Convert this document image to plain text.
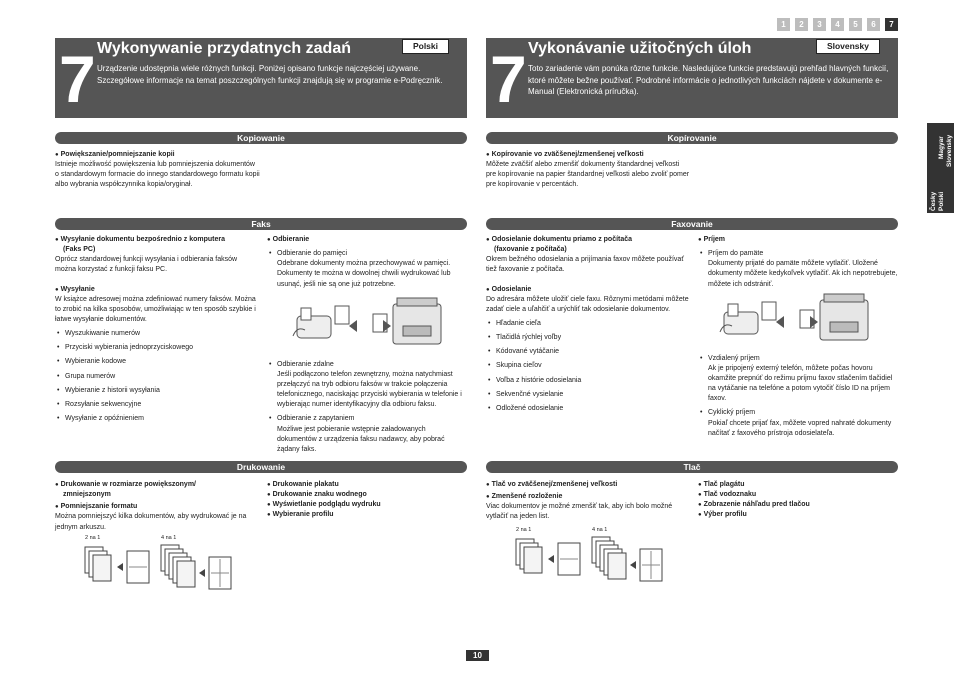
1	2	3	4	5	6	7
Česky Polski
Magyar Slovensky
7 Wykonywanie przydatnych zadań	Polski
Urządzenie udostępnia wiele różnych funkcji. Poniżej opisano funkcje najczęściej używane. Szczegółowe informacje na temat poszczególnych funkcji znajdują się w programie e-Podręcznik.
Kopiowanie
● Powiększanie/pomniejszanie kopii
Istnieje możliwość powiększenia lub pomniejszenia dokumentów o standardowym formacie do innego standardowego formatu kopii albo wybrania współczynnika kopia/oryginał.
Faks
● Wysyłanie dokumentu bezpośrednio z komputera
(Faks PC)
Oprócz standardowej funkcji wysyłania i odbierania faksów można korzystać z funkcji faksu PC.
● Wysyłanie
W książce adresowej można zdefiniować numery faksów. Można to zrobić na kilka sposobów, umożliwiając w ten sposób szybkie i łatwe wysyłanie dokumentów.
• Wyszukiwanie numerów
• Przyciski wybierania jednoprzyciskowego
• Wybieranie kodowe
• Grupa numerów
• Wybieranie z historii wysyłania
• Rozsyłanie sekwencyjne
• Wysyłanie z opóźnieniem
● Odbieranie
• Odbieranie do pamięci
Odebrane dokumenty można przechowywać w pamięci. Dokumenty te można w dowolnej chwili wydrukować lub usunąć, jeśli nie są one już potrzebne.
• Odbieranie zdalne
Jeśli podłączono telefon zewnętrzny, można natychmiast przełączyć na tryb odbioru faksów w trakcie połączenia telefonicznego, naciskając przyciski wybierania w telefonie i wybierając numer identyfikacyjny dla odbioru faksu.
• Odbieranie z zapytaniem
Możliwe jest pobieranie wstępnie załadowanych dokumentów z urządzenia faksu nadawcy, aby pobrać żądany faks.
Drukowanie
● Drukowanie w rozmiarze powiększonym/
zmniejszonym
● Pomniejszanie formatu
Można pomniejszyć kilka dokumentów, aby wydrukować je na jednym arkuszu.
● Drukowanie plakatu
● Drukowanie znaku wodnego
● Wyświetlanie podglądu wydruku
● Wybieranie profilu
2 na 1	4 na 1
7 Vykonávanie užitočných úloh	Slovensky
Toto zariadenie vám ponúka rôzne funkcie. Nasledujúce funkcie predstavujú prehľad hlavných funkcií, ktoré môžete bežne používať. Podrobné informácie o jednotlivých funkciách nájdete v dokumente e-Manual (Elektronická príručka).
Kopírovanie
● Kopírovanie vo zväčšenej/zmenšenej veľkosti
Môžete zväčšiť alebo zmenšiť dokumenty štandardnej veľkosti pre kopírovanie na papier štandardnej veľkosti alebo zvoliť pomer pre kopírovanie v percentách.
Faxovanie
● Odosielanie dokumentu priamo z počítača
(faxovanie z počítača)
Okrem bežného odosielania a prijímania faxov môžete používať tiež faxovanie z počítača.
● Odosielanie
Do adresára môžete uložiť ciele faxu. Rôznymi metódami môžete zadať ciele a uľahčiť a urýchliť tak odosielanie dokumentov.
• Hľadanie cieľa
• Tlačidlá rýchlej voľby
• Kódované vytáčanie
• Skupina cieľov
• Voľba z histórie odosielania
• Sekvenčné vysielanie
• Odložené odosielanie
● Príjem
• Príjem do pamäte
Dokumenty prijaté do pamäte môžete vytlačiť. Uložené dokumenty môžete kedykoľvek vytlačiť. Ak ich nepotrebujete, môžete ich odstrániť.
• Vzdialený príjem
Ak je pripojený externý telefón, môžete počas hovoru okamžite prepnúť do režimu príjmu faxov stlačením tlačidiel na vytáčanie na telefóne a potom vytočiť číslo ID na príjem faxov.
• Cyklický príjem
Pokiaľ chcete prijať fax, môžete vopred nahraté dokumenty načítať z faxového prístroja odosielateľa.
Tlač
● Tlač vo zväčšenej/zmenšenej veľkosti
● Zmenšené rozloženie
Viac dokumentov je možné zmenšiť tak, aby ich bolo možné vytlačiť na jeden list.
● Tlač plagátu
● Tlač vodoznaku
● Zobrazenie náhľadu pred tlačou
● Výber profilu
2 na 1	4 na 1
10
